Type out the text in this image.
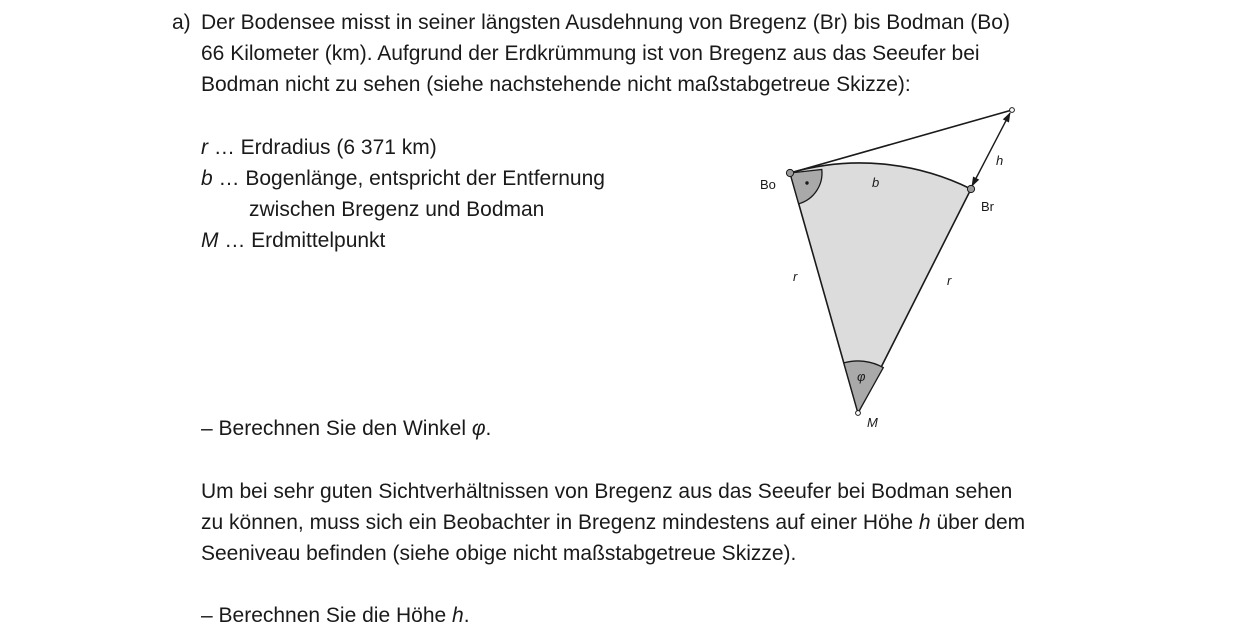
a) Der Bodensee misst in seiner längsten Ausdehnung von Bregenz (Br) bis Bodman (Bo)
66 Kilometer (km). Aufgrund der Erdkrümmung ist von Bregenz aus das Seeufer bei
Bodman nicht zu sehen (siehe nachstehende nicht maßstabgetreue Skizze):
r … Erdradius (6 371 km)
b … Bogenlänge, entspricht der Entfernung
zwischen Bregenz und Bodman
M … Erdmittelpunkt
– Berechnen Sie den Winkel φ.
Um bei sehr guten Sichtverhältnissen von Bregenz aus das Seeufer bei Bodman sehen
zu können, muss sich ein Beobachter in Bregenz mindestens auf einer Höhe h über dem
Seeniveau befinden (siehe obige nicht maßstabgetreue Skizze).
– Berechnen Sie die Höhe h.
Bo
Br
b
h
r	r
φ
M
